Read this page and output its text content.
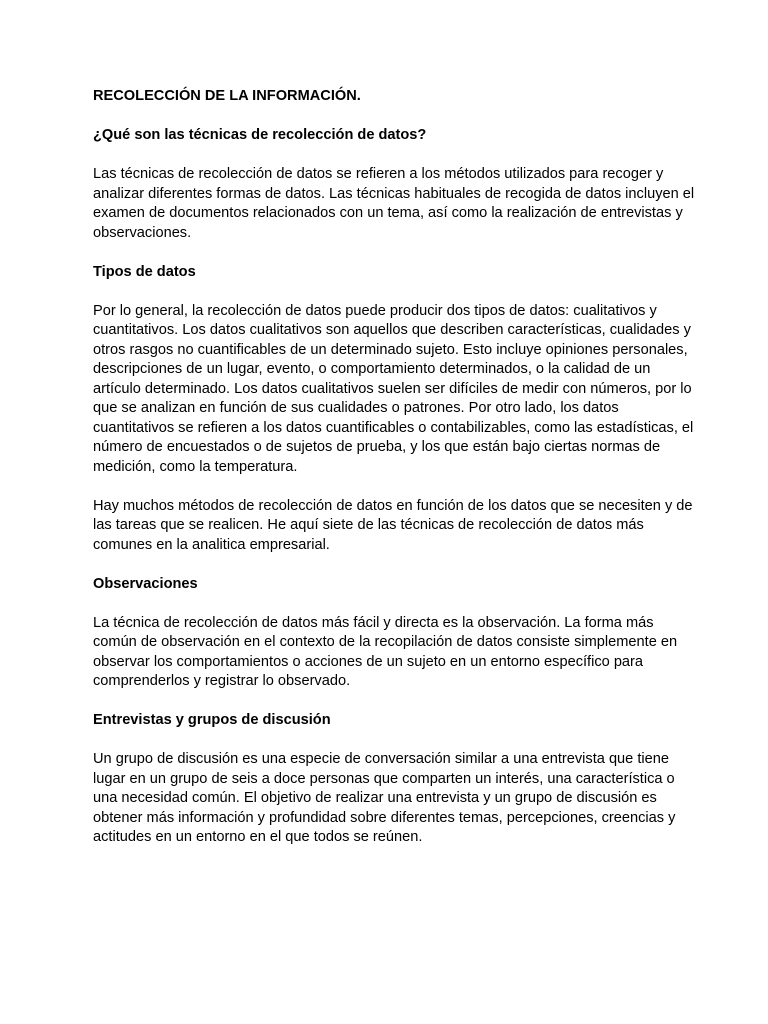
RECOLECCIÓN DE LA INFORMACIÓN.

¿Qué son las técnicas de recolección de datos?

Las técnicas de recolección de datos se refieren a los métodos utilizados para recoger y analizar diferentes formas de datos. Las técnicas habituales de recogida de datos incluyen el examen de documentos relacionados con un tema, así como la realización de entrevistas y observaciones.

Tipos de datos

Por lo general, la recolección de datos puede producir dos tipos de datos: cualitativos y cuantitativos. Los datos cualitativos son aquellos que describen características, cualidades y otros rasgos no cuantificables de un determinado sujeto. Esto incluye opiniones personales, descripciones de un lugar, evento, o comportamiento determinados, o la calidad de un artículo determinado. Los datos cualitativos suelen ser difíciles de medir con números, por lo que se analizan en función de sus cualidades o patrones. Por otro lado, los datos cuantitativos se refieren a los datos cuantificables o contabilizables, como las estadísticas, el número de encuestados o de sujetos de prueba, y los que están bajo ciertas normas de medición, como la temperatura.

Hay muchos métodos de recolección de datos en función de los datos que se necesiten y de las tareas que se realicen. He aquí siete de las técnicas de recolección de datos más comunes en la analitica empresarial.

Observaciones

La técnica de recolección de datos más fácil y directa es la observación. La forma más común de observación en el contexto de la recopilación de datos consiste simplemente en observar los comportamientos o acciones de un sujeto en un entorno específico para comprenderlos y registrar lo observado.

Entrevistas y grupos de discusión

Un grupo de discusión es una especie de conversación similar a una entrevista que tiene lugar en un grupo de seis a doce personas que comparten un interés, una característica o una necesidad común. El objetivo de realizar una entrevista y un grupo de discusión es obtener más información y profundidad sobre diferentes temas, percepciones, creencias y actitudes en un entorno en el que todos se reúnen.
